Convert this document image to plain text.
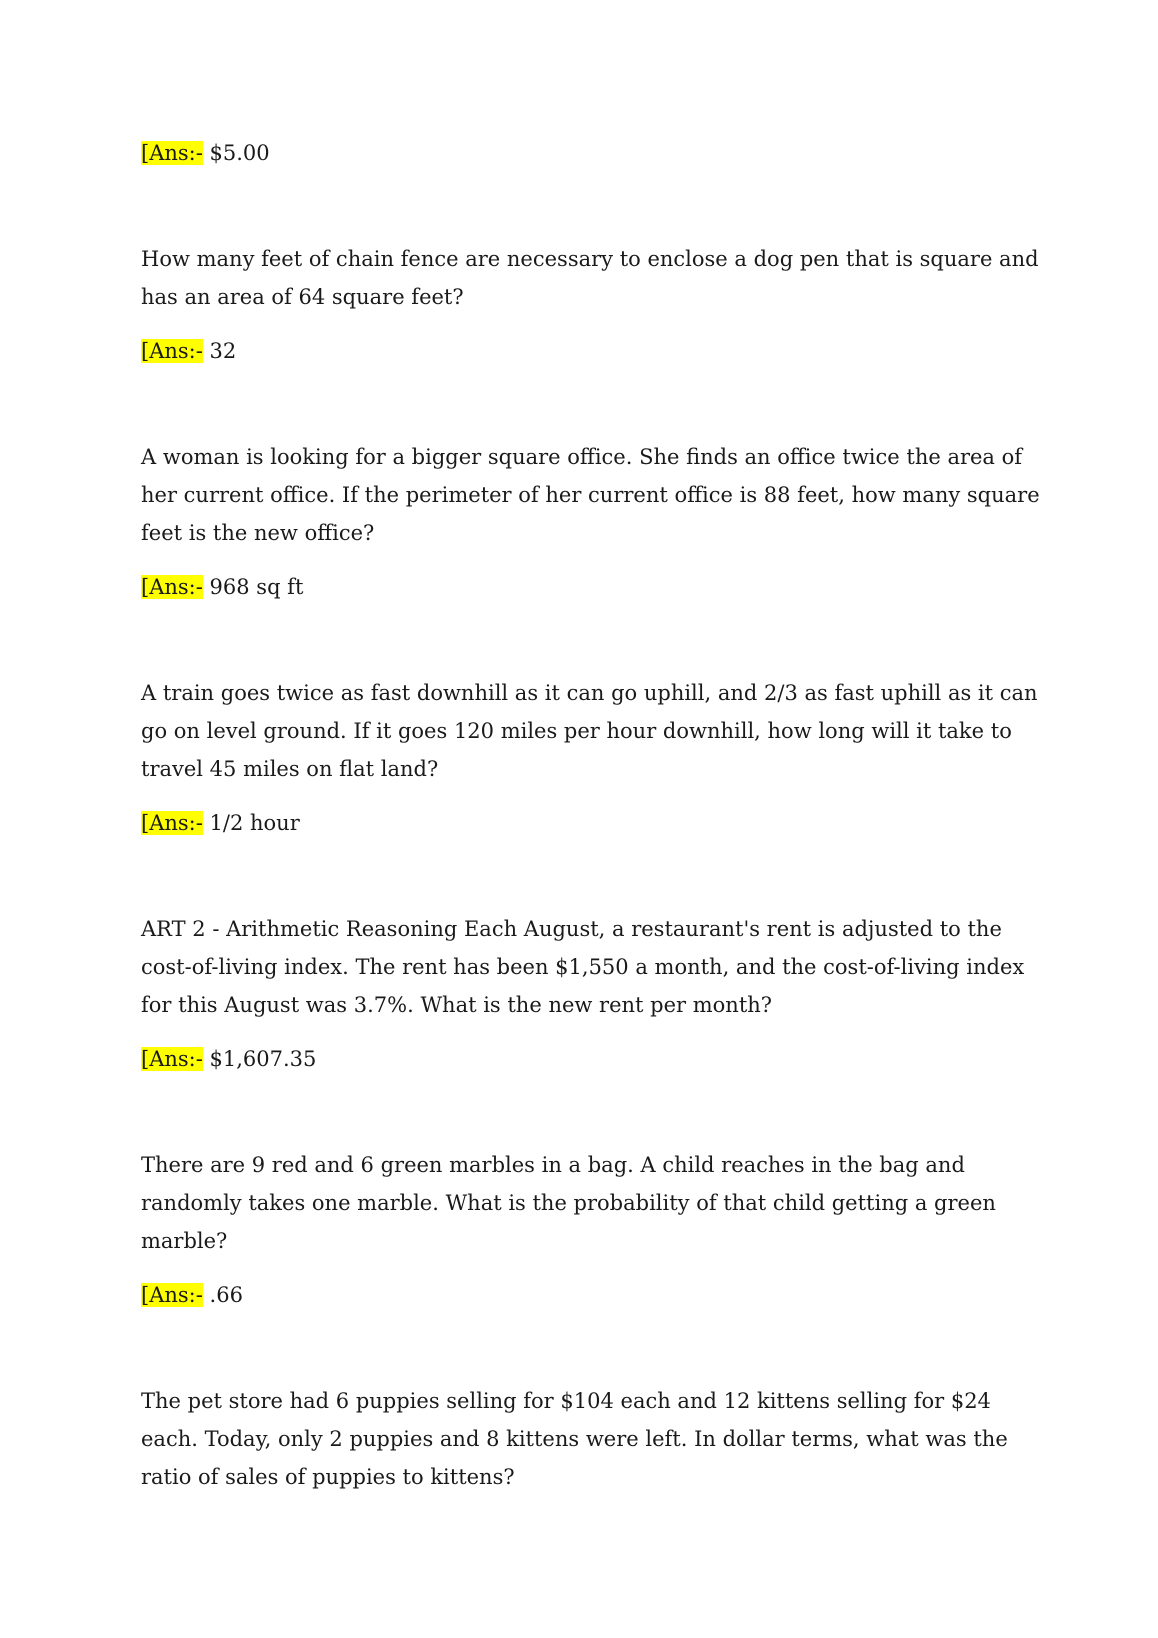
[Ans:- $5.00

How many feet of chain fence are necessary to enclose a dog pen that is square and has an area of 64 square feet?

[Ans:- 32

A woman is looking for a bigger square office. She finds an office twice the area of her current office. If the perimeter of her current office is 88 feet, how many square feet is the new office?

[Ans:- 968 sq ft

A train goes twice as fast downhill as it can go uphill, and 2/3 as fast uphill as it can go on level ground. If it goes 120 miles per hour downhill, how long will it take to travel 45 miles on flat land?

[Ans:- 1/2 hour

ART 2 - Arithmetic Reasoning Each August, a restaurant's rent is adjusted to the cost-of-living index. The rent has been $1,550 a month, and the cost-of-living index for this August was 3.7%. What is the new rent per month?

[Ans:- $1,607.35

There are 9 red and 6 green marbles in a bag. A child reaches in the bag and randomly takes one marble. What is the probability of that child getting a green marble?

[Ans:- .66

The pet store had 6 puppies selling for $104 each and 12 kittens selling for $24 each. Today, only 2 puppies and 8 kittens were left. In dollar terms, what was the ratio of sales of puppies to kittens?
